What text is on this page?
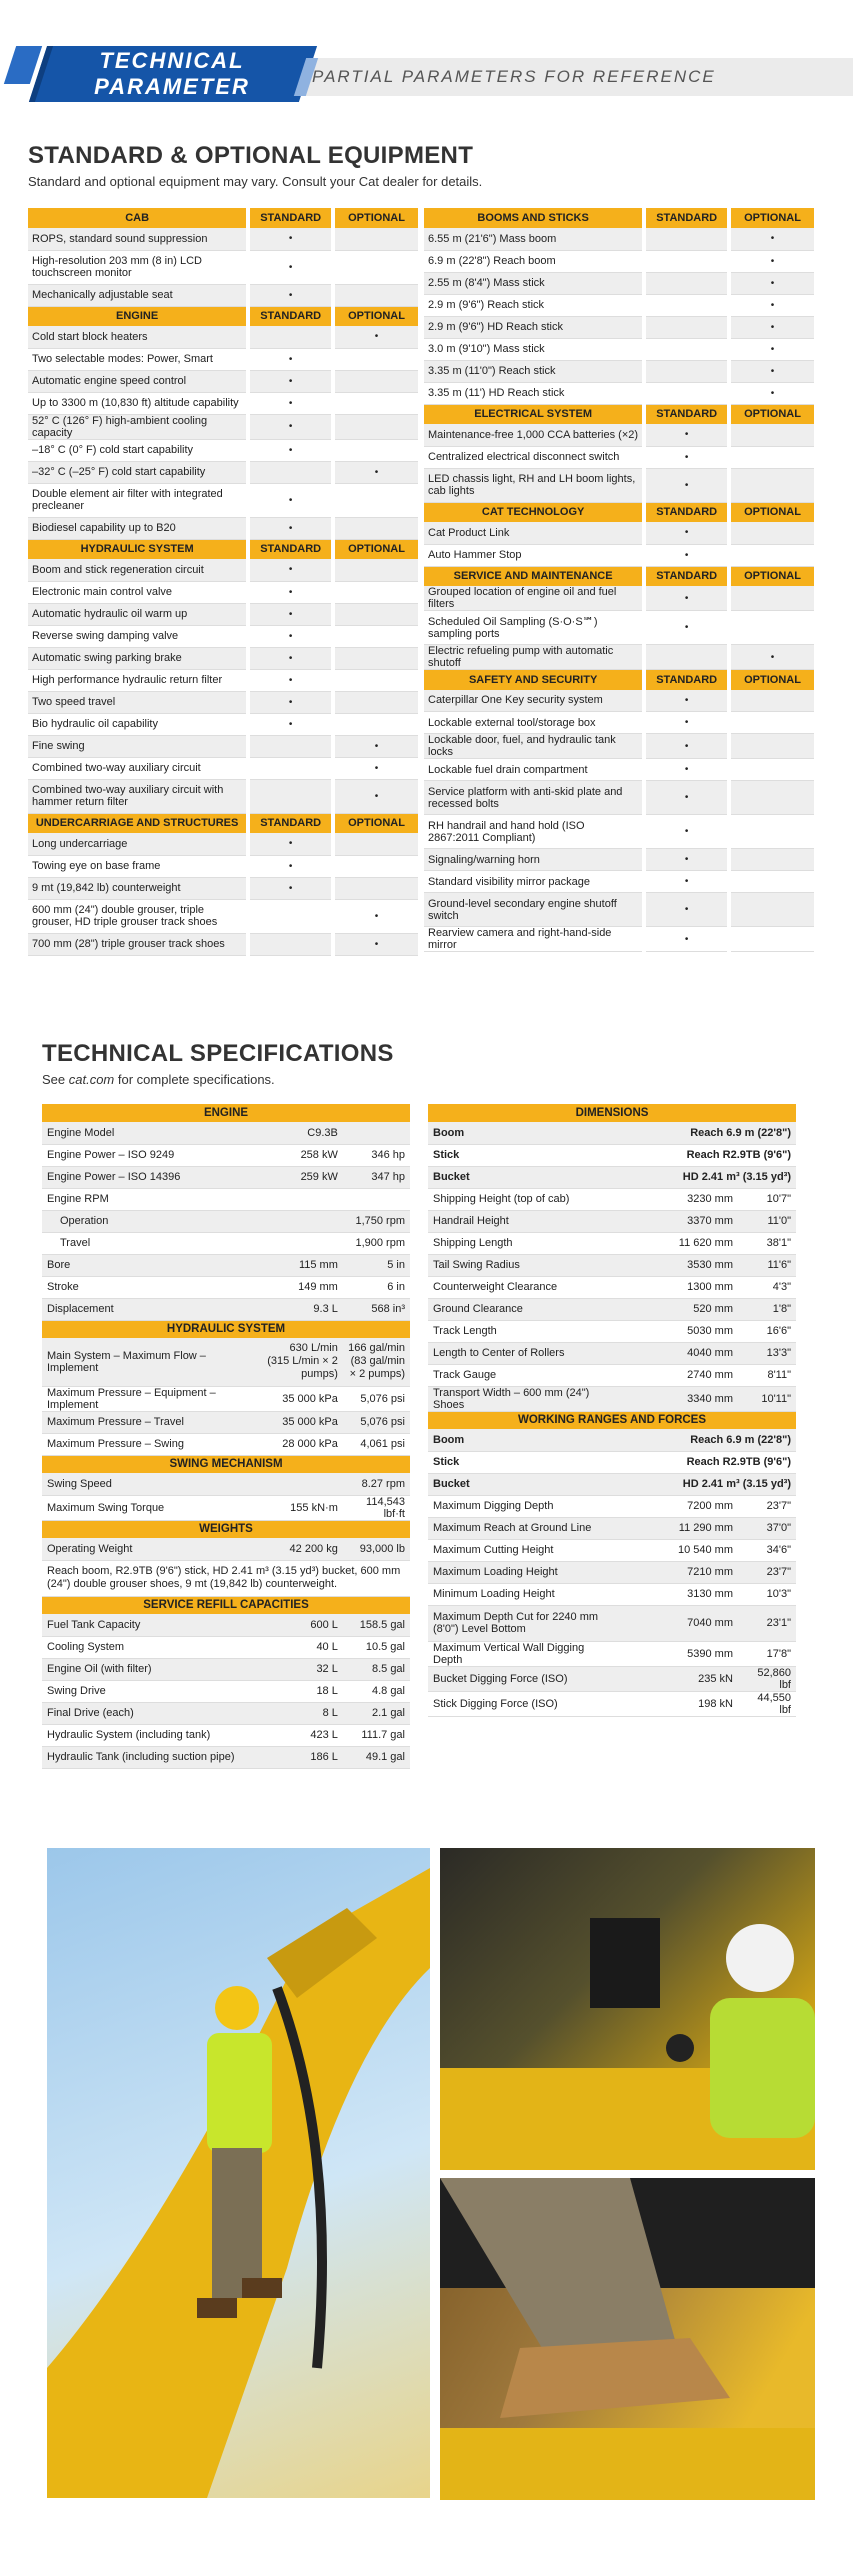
PARTIAL PARAMETERS FOR REFERENCE
TECHNICAL
PARAMETER
STANDARD & OPTIONAL EQUIPMENT
Standard and optional equipment may vary. Consult your Cat dealer for details.
CAB	STANDARD	OPTIONAL
ROPS, standard sound suppression	•	
High-resolution 203 mm (8 in) LCD touchscreen monitor	•	
Mechanically adjustable seat	•	
ENGINE	STANDARD	OPTIONAL
Cold start block heaters		•
Two selectable modes: Power, Smart	•	
Automatic engine speed control	•	
Up to 3300 m (10,830 ft) altitude capability	•	
52° C (126° F) high-ambient cooling capacity	•	
–18° C (0° F) cold start capability	•	
–32° C (–25° F) cold start capability		•
Double element air filter with integrated precleaner	•	
Biodiesel capability up to B20	•	
HYDRAULIC SYSTEM	STANDARD	OPTIONAL
Boom and stick regeneration circuit	•	
Electronic main control valve	•	
Automatic hydraulic oil warm up	•	
Reverse swing damping valve	•	
Automatic swing parking brake	•	
High performance hydraulic return filter	•	
Two speed travel	•	
Bio hydraulic oil capability	•	
Fine swing		•
Combined two-way auxiliary circuit		•
Combined two-way auxiliary circuit with hammer return filter		•
UNDERCARRIAGE AND STRUCTURES	STANDARD	OPTIONAL
Long undercarriage	•	
Towing eye on base frame	•	
9 mt (19,842 lb) counterweight	•	
600 mm (24") double grouser, triple grouser, HD triple grouser track shoes		•
700 mm (28") triple grouser track shoes		•
BOOMS AND STICKS	STANDARD	OPTIONAL
6.55 m (21'6") Mass boom		•
6.9 m (22'8") Reach boom		•
2.55 m (8'4") Mass stick		•
2.9 m (9'6") Reach stick		•
2.9 m (9'6") HD Reach stick		•
3.0 m (9'10") Mass stick		•
3.35 m (11'0") Reach stick		•
3.35 m (11') HD Reach stick		•
ELECTRICAL SYSTEM	STANDARD	OPTIONAL
Maintenance-free 1,000 CCA batteries (×2)	•	
Centralized electrical disconnect switch	•	
LED chassis light, RH and LH boom lights, cab lights	•	
CAT TECHNOLOGY	STANDARD	OPTIONAL
Cat Product Link	•	
Auto Hammer Stop	•	
SERVICE AND MAINTENANCE	STANDARD	OPTIONAL
Grouped location of engine oil and fuel filters	•	
Scheduled Oil Sampling (S·O·S℠) sampling ports	•	
Electric refueling pump with automatic shutoff		•
SAFETY AND SECURITY	STANDARD	OPTIONAL
Caterpillar One Key security system	•	
Lockable external tool/storage box	•	
Lockable door, fuel, and hydraulic tank locks	•	
Lockable fuel drain compartment	•	
Service platform with anti-skid plate and recessed bolts	•	
RH handrail and hand hold (ISO 2867:2011 Compliant)	•	
Signaling/warning horn	•	
Standard visibility mirror package	•	
Ground-level secondary engine shutoff switch	•	
Rearview camera and right-hand-side mirror	•	
TECHNICAL SPECIFICATIONS
See cat.com for complete specifications.
ENGINE		
Engine Model	C9.3B	
Engine Power – ISO 9249	258 kW	346 hp
Engine Power – ISO 14396	259 kW	347 hp
Engine RPM		
Operation		1,750 rpm
Travel		1,900 rpm
Bore	115 mm	5 in
Stroke	149 mm	6 in
Displacement	9.3 L	568 in³
HYDRAULIC SYSTEM		
Main System – Maximum Flow – Implement	630 L/min (315 L/min × 2 pumps)	166 gal/min (83 gal/min × 2 pumps)
Maximum Pressure – Equipment – Implement	35 000 kPa	5,076 psi
Maximum Pressure – Travel	35 000 kPa	5,076 psi
Maximum Pressure – Swing	28 000 kPa	4,061 psi
SWING MECHANISM		
Swing Speed		8.27 rpm
Maximum Swing Torque	155 kN·m	114,543 lbf·ft
WEIGHTS		
Operating Weight	42 200 kg	93,000 lb
Reach boom, R2.9TB (9'6") stick, HD 2.41 m³ (3.15 yd³) bucket, 600 mm (24") double grouser shoes, 9 mt (19,842 lb) counterweight.		
SERVICE REFILL CAPACITIES		
Fuel Tank Capacity	600 L	158.5 gal
Cooling System	40 L	10.5 gal
Engine Oil (with filter)	32 L	8.5 gal
Swing Drive	18 L	4.8 gal
Final Drive (each)	8 L	2.1 gal
Hydraulic System (including tank)	423 L	111.7 gal
Hydraulic Tank (including suction pipe)	186 L	49.1 gal
DIMENSIONS		
Boom	Reach 6.9 m (22'8")	
Stick	Reach R2.9TB (9'6")	
Bucket	HD 2.41 m³ (3.15 yd³)	
Shipping Height (top of cab)	3230 mm	10'7"
Handrail Height	3370 mm	11'0"
Shipping Length	11 620 mm	38'1"
Tail Swing Radius	3530 mm	11'6"
Counterweight Clearance	1300 mm	4'3"
Ground Clearance	520 mm	1'8"
Track Length	5030 mm	16'6"
Length to Center of Rollers	4040 mm	13'3"
Track Gauge	2740 mm	8'11"
Transport Width – 600 mm (24") Shoes	3340 mm	10'11"
WORKING RANGES AND FORCES		
Boom	Reach 6.9 m (22'8")	
Stick	Reach R2.9TB (9'6")	
Bucket	HD 2.41 m³ (3.15 yd³)	
Maximum Digging Depth	7200 mm	23'7"
Maximum Reach at Ground Line	11 290 mm	37'0"
Maximum Cutting Height	10 540 mm	34'6"
Maximum Loading Height	7210 mm	23'7"
Minimum Loading Height	3130 mm	10'3"
Maximum Depth Cut for 2240 mm (8'0") Level Bottom	7040 mm	23'1"
Maximum Vertical Wall Digging Depth	5390 mm	17'8"
Bucket Digging Force (ISO)	235 kN	52,860 lbf
Stick Digging Force (ISO)	198 kN	44,550 lbf
